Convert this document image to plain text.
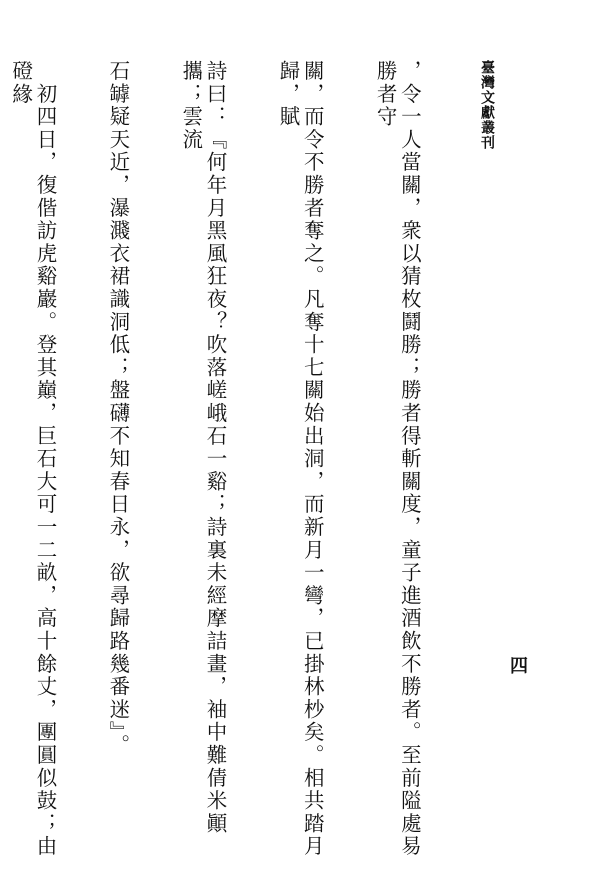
臺灣文獻叢刊
四

，令一人當關，衆以猜枚鬪勝；勝者得斬關度，童子進酒飲不勝者。至前隘處易勝者守

關，而令不勝者奪之。凡奪十七關始出洞，而新月一彎，已掛林杪矣。相共踏月歸，賦

詩曰：『何年月黑風狂夜？吹落嵯峨石一谿；詩裏未經摩詰畫，袖中難倩米顚攜；雲流

石罅疑天近，瀑濺衣裙識洞低；盤礴不知春日永，欲尋歸路幾番迷』。

　初四日，復偕訪虎谿巖。登其巔，巨石大可一二畝，高十餘丈，團圓似鼓；由磴緣
